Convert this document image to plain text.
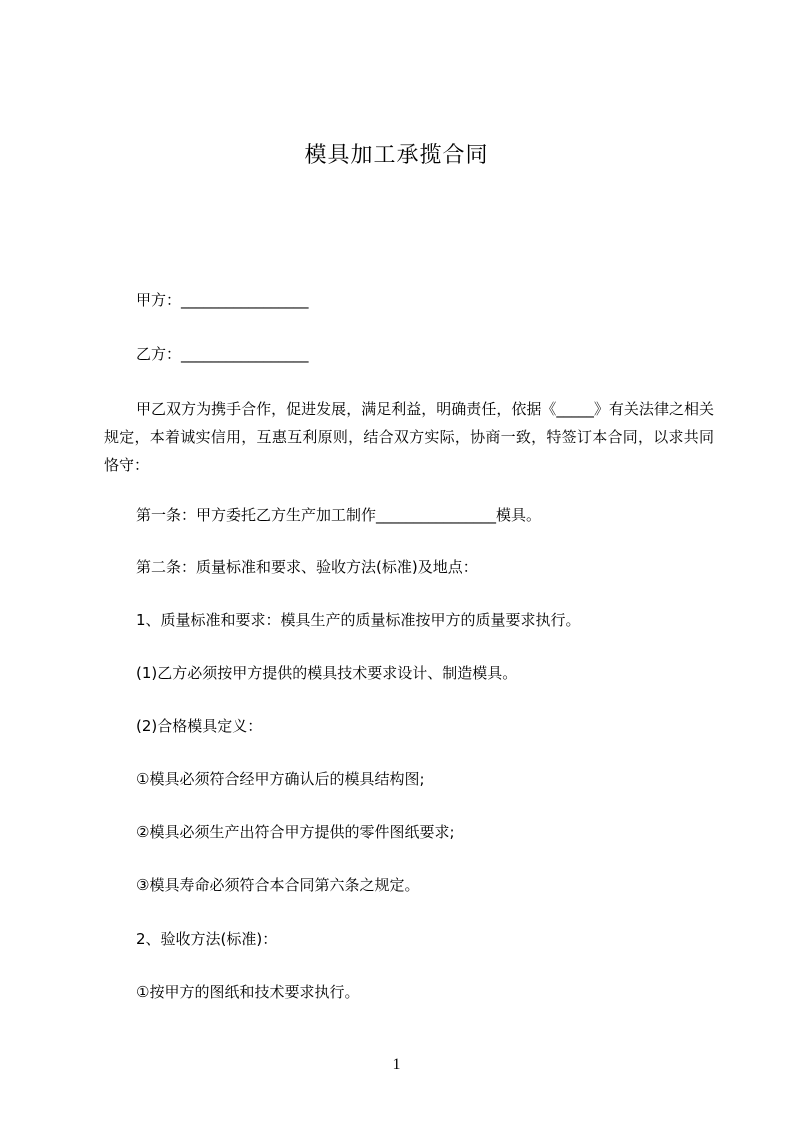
模具加工承揽合同
甲方：_________________
乙方：_________________
甲乙双方为携手合作，促进发展，满足利益，明确责任，依据《_____》有关法律之相关规定，本着诚实信用，互惠互利原则，结合双方实际，协商一致，特签订本合同，以求共同恪守：
第一条：甲方委托乙方生产加工制作________________模具。
第二条：质量标准和要求、验收方法(标准)及地点：
1、质量标准和要求：模具生产的质量标准按甲方的质量要求执行。
(1)乙方必须按甲方提供的模具技术要求设计、制造模具。
(2)合格模具定义：
①模具必须符合经甲方确认后的模具结构图;
②模具必须生产出符合甲方提供的零件图纸要求;
③模具寿命必须符合本合同第六条之规定。
2、验收方法(标准)：
①按甲方的图纸和技术要求执行。
1
